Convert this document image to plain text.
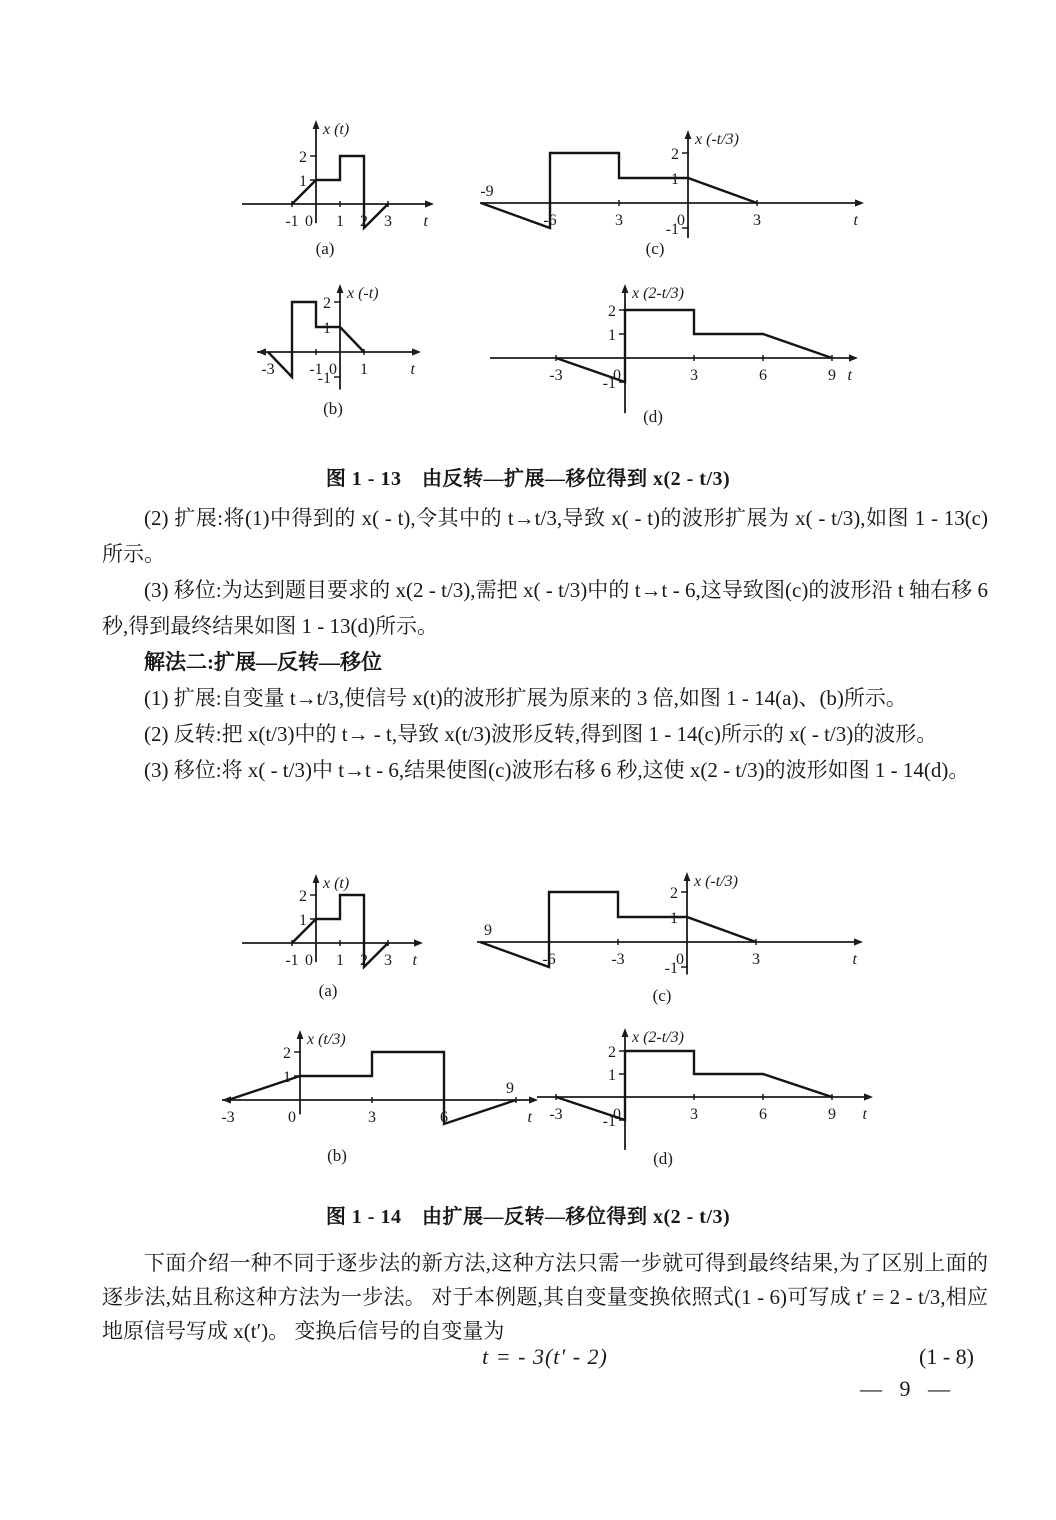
-1 0 1 2 3
1
2
x (t)
t
(a)
-3 -1 0 1
2
1
-1
x (-t)
t
(b)
-9
-6	3	0	3
2
1
-1
x (-t/3)
t
(c)
-3	0	3	6	9
2
1
-1
x (2-t/3)
t
(d)
图 1 - 13　由反转—扩展—移位得到 x(2 - t/3)

(2) 扩展:将(1)中得到的 x( - t),令其中的 t→t/3,导致 x( - t)的波形扩展为 x( - t/3),如图 1 - 13(c)所示。

(3) 移位:为达到题目要求的 x(2 - t/3),需把 x( - t/3)中的 t→t - 6,这导致图(c)的波形沿 t 轴右移 6 秒,得到最终结果如图 1 - 13(d)所示。

解法二:扩展—反转—移位

(1) 扩展:自变量 t→t/3,使信号 x(t)的波形扩展为原来的 3 倍,如图 1 - 14(a)、(b)所示。

(2) 反转:把 x(t/3)中的 t→ - t,导致 x(t/3)波形反转,得到图 1 - 14(c)所示的 x( - t/3)的波形。

(3) 移位:将 x( - t/3)中 t→t - 6,结果使图(c)波形右移 6 秒,这使 x(2 - t/3)的波形如图 1 - 14(d)。

-1 0 1 2 3
1
2
x (t)
t
(a)
-3	0	3	6
9
2
1
x (t/3)
t
(b)
9
-6	-3	0	3
2
1
-1
x (-t/3)
t
(c)
-3	0	3	6	9
2
1
-1
x (2-t/3)
t
(d)
图 1 - 14　由扩展—反转—移位得到 x(2 - t/3)

下面介绍一种不同于逐步法的新方法,这种方法只需一步就可得到最终结果,为了区别上面的逐步法,姑且称这种方法为一步法。 对于本例题,其自变量变换依照式(1 - 6)可写成 t′ = 2 - t/3,相应地原信号写成 x(t′)。 变换后信号的自变量为

t = - 3(t′ - 2)	(1 - 8)
— 9 —
